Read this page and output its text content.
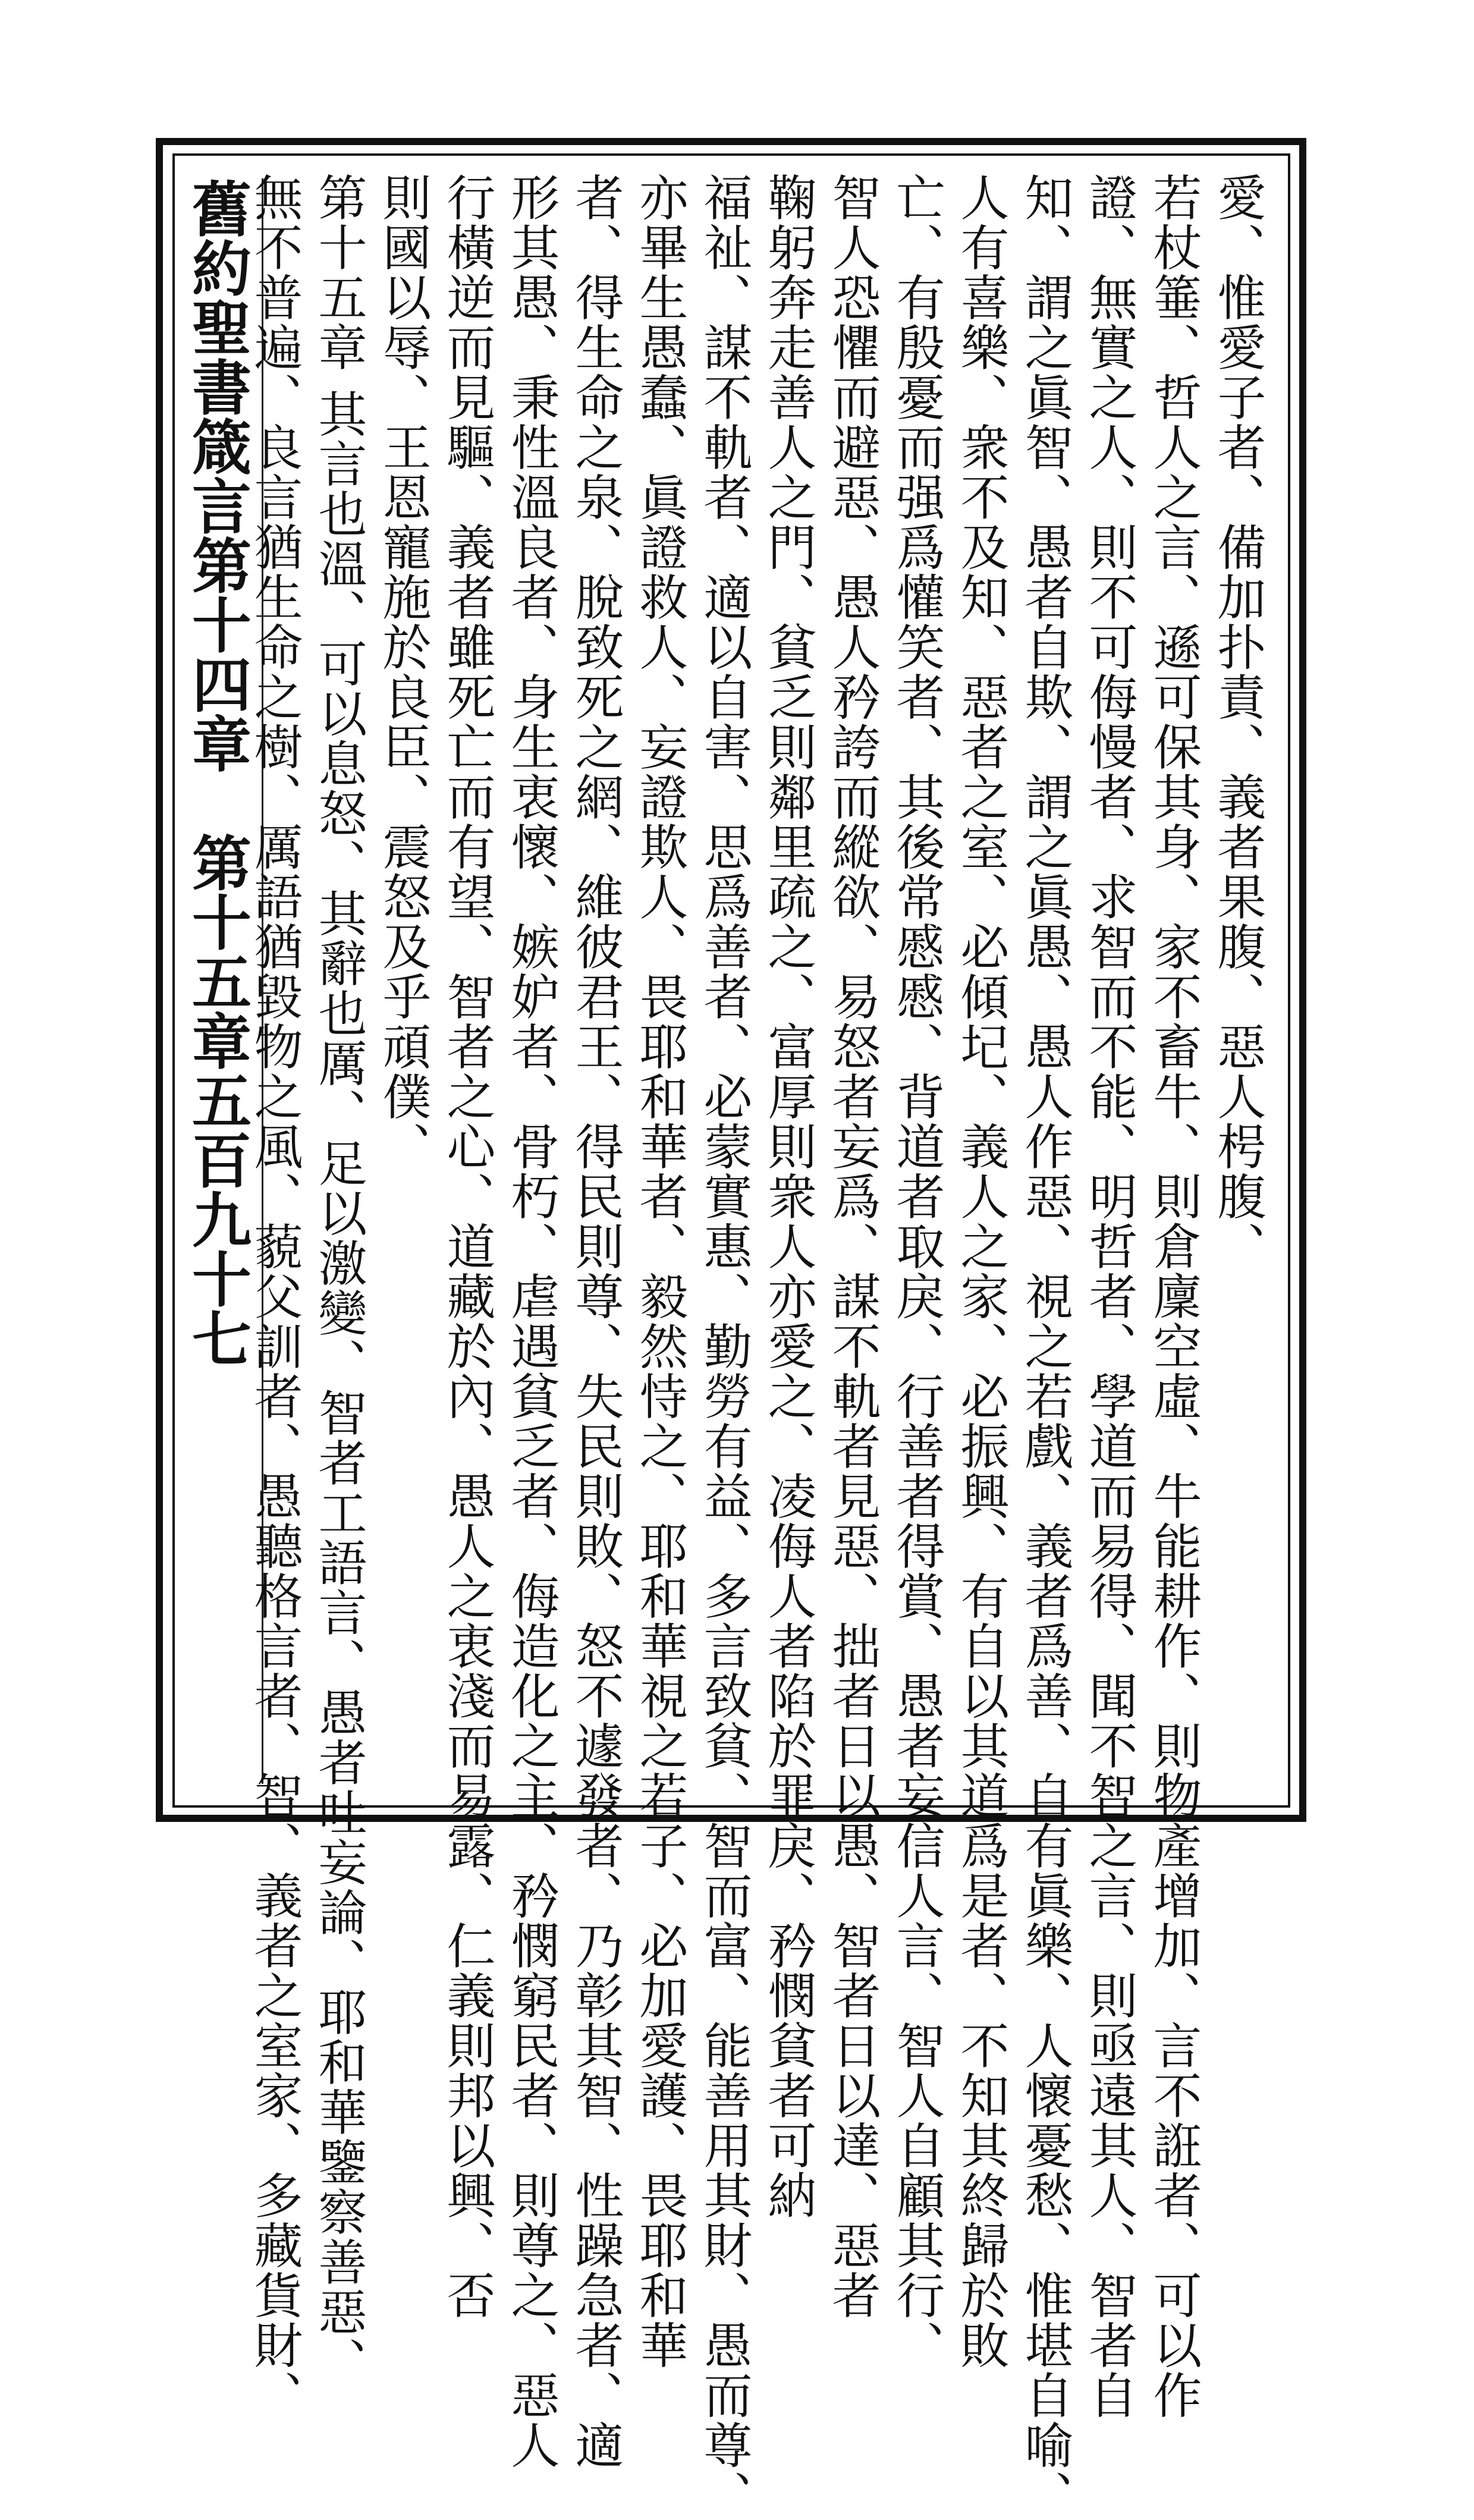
舊約聖書箴言第十四章　第十五章五百九十七	愛、惟愛子者、備加扑責、義者果腹、惡人枵腹、
若杖箠、哲人之言、遜可保其身、家不畜牛、則倉廩空虛、牛能耕作、則物產增加、言不誑者、可以作
證、無實之人、則不可侮慢者、求智而不能、明哲者、學道而易得、聞不智之言、則亟遠其人、智者自
知、謂之眞智、愚者自欺、謂之眞愚、愚人作惡、視之若戲、義者爲善、自有眞樂、人懷憂愁、惟堪自喻、
人有喜樂、衆不及知、惡者之室、必傾圮、義人之家、必振興、有自以其道爲是者、不知其終歸於敗
亡、有殷憂而强爲懽笑者、其後常慼慼、背道者取戾、行善者得賞、愚者妄信人言、智人自顧其行、
智人恐懼而避惡、愚人矜誇而縱欲、易怒者妄爲、謀不軌者見惡、拙者日以愚、智者日以達、惡者
鞠躬奔走善人之門、貧乏則鄰里疏之、富厚則衆人亦愛之、凌侮人者陷於罪戾、矜憫貧者可納
福祉、謀不軌者、適以自害、思爲善者、必蒙實惠、勤勞有益、多言致貧、智而富、能善用其財、愚而尊、
亦畢生愚蠢、眞證救人、妄證欺人、畏耶和華者、毅然恃之、耶和華視之若子、必加愛護、畏耶和華
者、得生命之泉、脫致死之網、維彼君王、得民則尊、失民則敗、怒不遽發者、乃彰其智、性躁急者、適
形其愚、秉性溫良者、身生衷懷、嫉妒者、骨朽、虐遇貧乏者、侮造化之主、矜憫窮民者、則尊之、惡人
行橫逆而見驅、義者雖死亡而有望、智者之心、道藏於內、愚人之衷淺而易露、仁義則邦以興、否
則國以辱、王恩寵施於良臣、震怒及乎頑僕、
第十五章 其言也溫、可以息怒、其辭也厲、足以激變、智者工語言、愚者吐妄論、耶和華鑒察善惡、
無不普遍、良言猶生命之樹、厲語猶毀物之風、藐父訓者、愚聽格言者、智、義者之室家、多藏貨財、
